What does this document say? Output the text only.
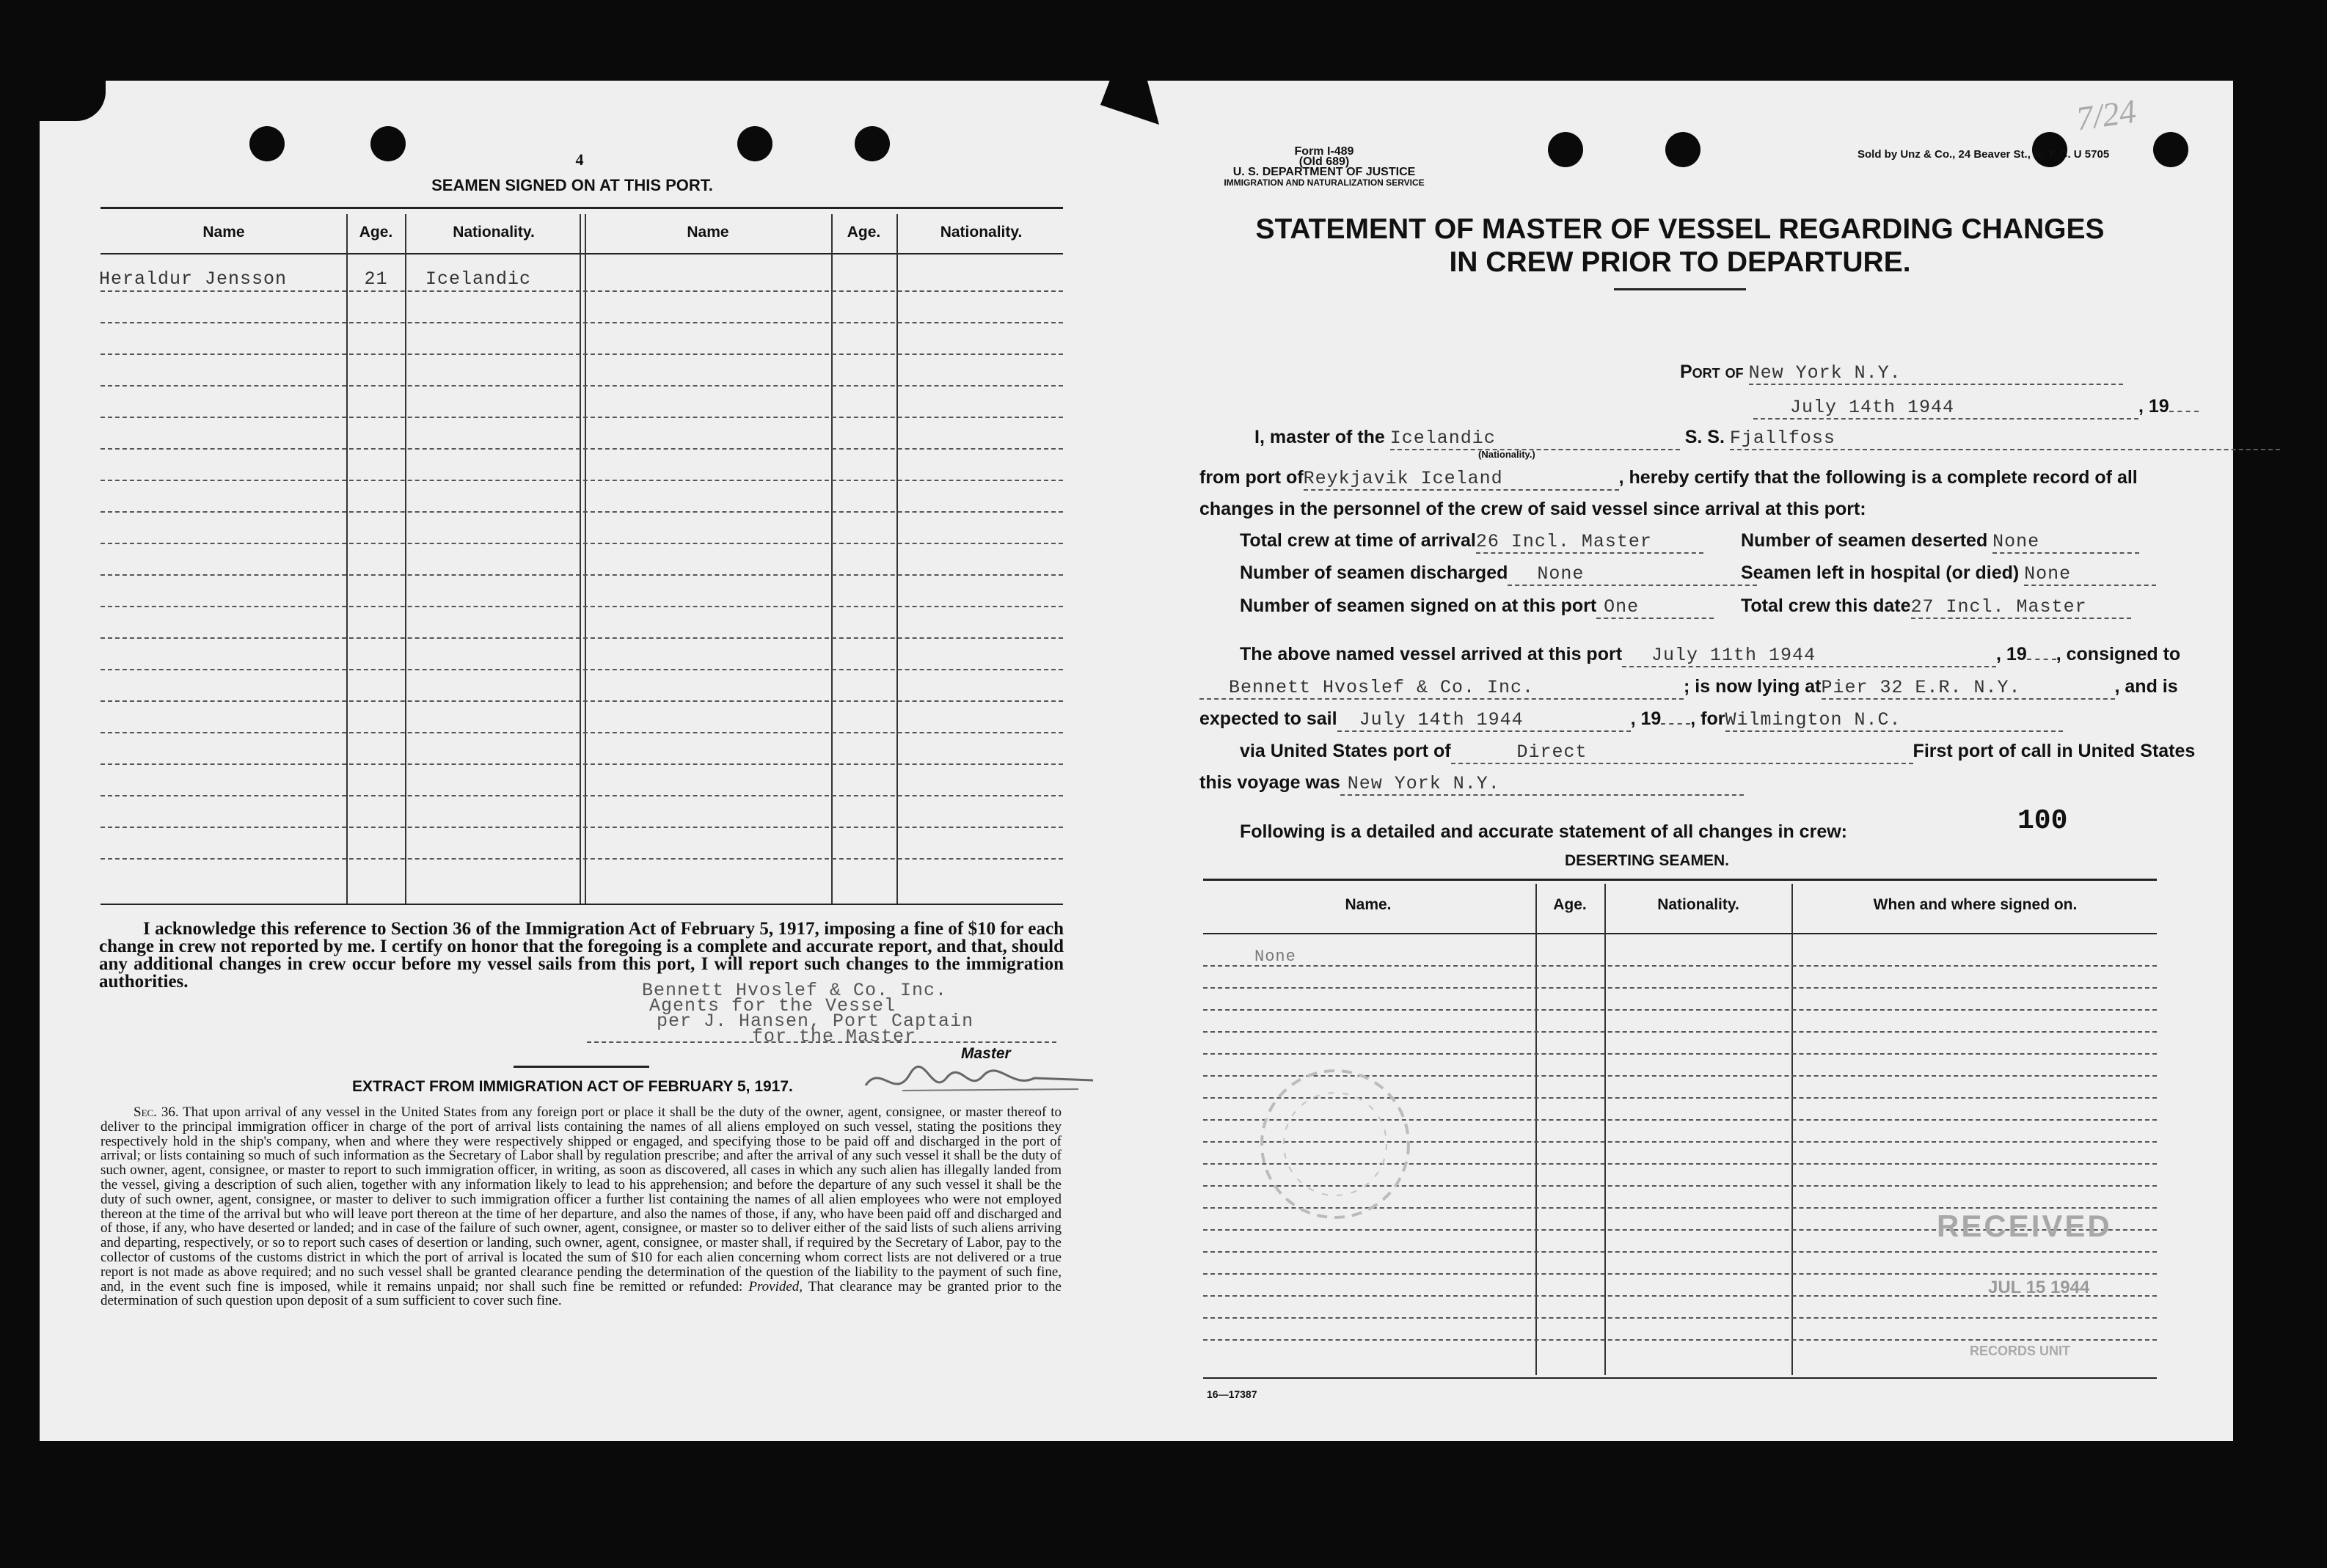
4
SEAMEN SIGNED ON AT THIS PORT.
Name	Age.	Nationality.	Name	Age.	Nationality.
Heraldur Jensson	21	Icelandic
I acknowledge this reference to Section 36 of the Immigration Act of February 5, 1917, imposing a fine of $10 for each change in crew not reported by me. I certify on honor that the foregoing is a complete and accurate report, and that, should any additional changes in crew occur before my vessel sails from this port, I will report such changes to the immigration authorities.	Bennett Hvoslef & Co. Inc.
Agents for the Vessel
per J. Hansen, Port Captain
for the Master
Master
EXTRACT FROM IMMIGRATION ACT OF FEBRUARY 5, 1917.
Sec. 36. That upon arrival of any vessel in the United States from any foreign port or place it shall be the duty of the owner, agent, consignee, or master thereof to deliver to the principal immigration officer in charge of the port of arrival lists containing the names of all aliens employed on such vessel, stating the positions they respectively hold in the ship's company, when and where they were respectively shipped or engaged, and specifying those to be paid off and discharged in the port of arrival; or lists containing so much of such information as the Secretary of Labor shall by regulation prescribe; and after the arrival of any such vessel it shall be the duty of such owner, agent, consignee, or master to report to such immigration officer, in writing, as soon as discovered, all cases in which any such alien has illegally landed from the vessel, giving a description of such alien, together with any information likely to lead to his apprehension; and before the departure of any such vessel it shall be the duty of such owner, agent, consignee, or master to deliver to such immigration officer a further list containing the names of all alien employees who were not employed thereon at the time of the arrival but who will leave port thereon at the time of her departure, and also the names of those, if any, who have been paid off and discharged and of those, if any, who have deserted or landed; and in case of the failure of such owner, agent, consignee, or master so to deliver either of the said lists of such aliens arriving and departing, respectively, or so to report such cases of desertion or landing, such owner, agent, consignee, or master shall, if required by the Secretary of Labor, pay to the collector of customs of the customs district in which the port of arrival is located the sum of $10 for each alien concerning whom correct lists are not delivered or a true report is not made as above required; and no such vessel shall be granted clearance pending the determination of the question of the liability to the payment of such fine, and, in the event such fine is imposed, while it remains unpaid; nor shall such fine be remitted or refunded: Provided, That clearance may be granted prior to the determination of such question upon deposit of a sum sufficient to cover such fine.
Form I-489
(Old 689)
U. S. DEPARTMENT OF JUSTICE
IMMIGRATION AND NATURALIZATION SERVICE
Sold by Unz & Co., 24 Beaver St., N. Y. C. U 5705
7/24
STATEMENT OF MASTER OF VESSEL REGARDING CHANGES
IN CREW PRIOR TO DEPARTURE.
Port of New York N.Y.
July 14th 1944	, 19
I, master of the Icelandic	S. S. Fjallfoss
(Nationality.)
from port ofReykjavik Iceland	, hereby certify that the following is a complete record of all
changes in the personnel of the crew of said vessel since arrival at this port:
Total crew at time of arrival26 Incl. Master	Number of seamen deserted None
Number of seamen discharged None	Seamen left in hospital (or died) None
Number of seamen signed on at this port One	Total crew this date27 Incl. Master
The above named vessel arrived at this port July 11th 1944	, 19 , consigned to
Bennett Hvoslef & Co. Inc.	; is now lying atPier 32 E.R. N.Y.	, and is
expected to sail July 14th 1944	, 19 , forWilmington N.C.
via United States port of	Direct	First port of call in United States
this voyage was New York N.Y.
Following is a detailed and accurate statement of all changes in crew:	100
DESERTING SEAMEN.
Name.	Age.	Nationality.	When and where signed on.
None
RECEIVED
JUL 15 1944
RECORDS UNIT
16—17387
